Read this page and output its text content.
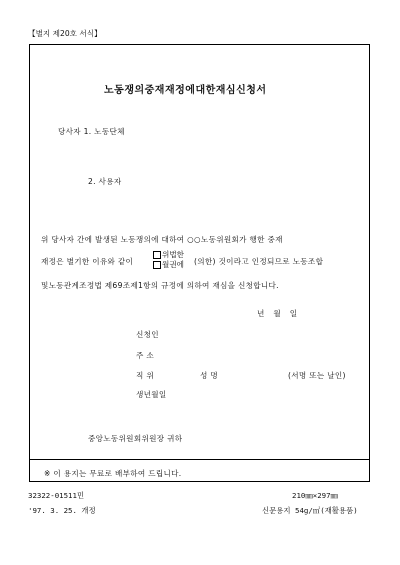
【별지 제20호 서식】
노동쟁의중재재정에대한재심신청서
당사자 1. 노동단체
2. 사용자
위 당사자 간에 발생된 노동쟁의에 대하여 ○○노동위원회가 행한 중재
재정은 별기한 이유와 같이
위법한
월권에 (의한) 것이라고 인정되므로 노동조합
및노동관계조정법 제69조제1항의 규정에 의하여 재심을 신청합니다.
년 월 일
신청인
주 소
직 위	성 명	(서명 또는 날인)
생년월일
중앙노동위원회위원장 귀하
※ 이 용지는 무료로 배부하여 드립니다.
32322-01511민	210㎜×297㎜
'97. 3. 25. 개정	신문용지 54g/㎡(재활용품)
